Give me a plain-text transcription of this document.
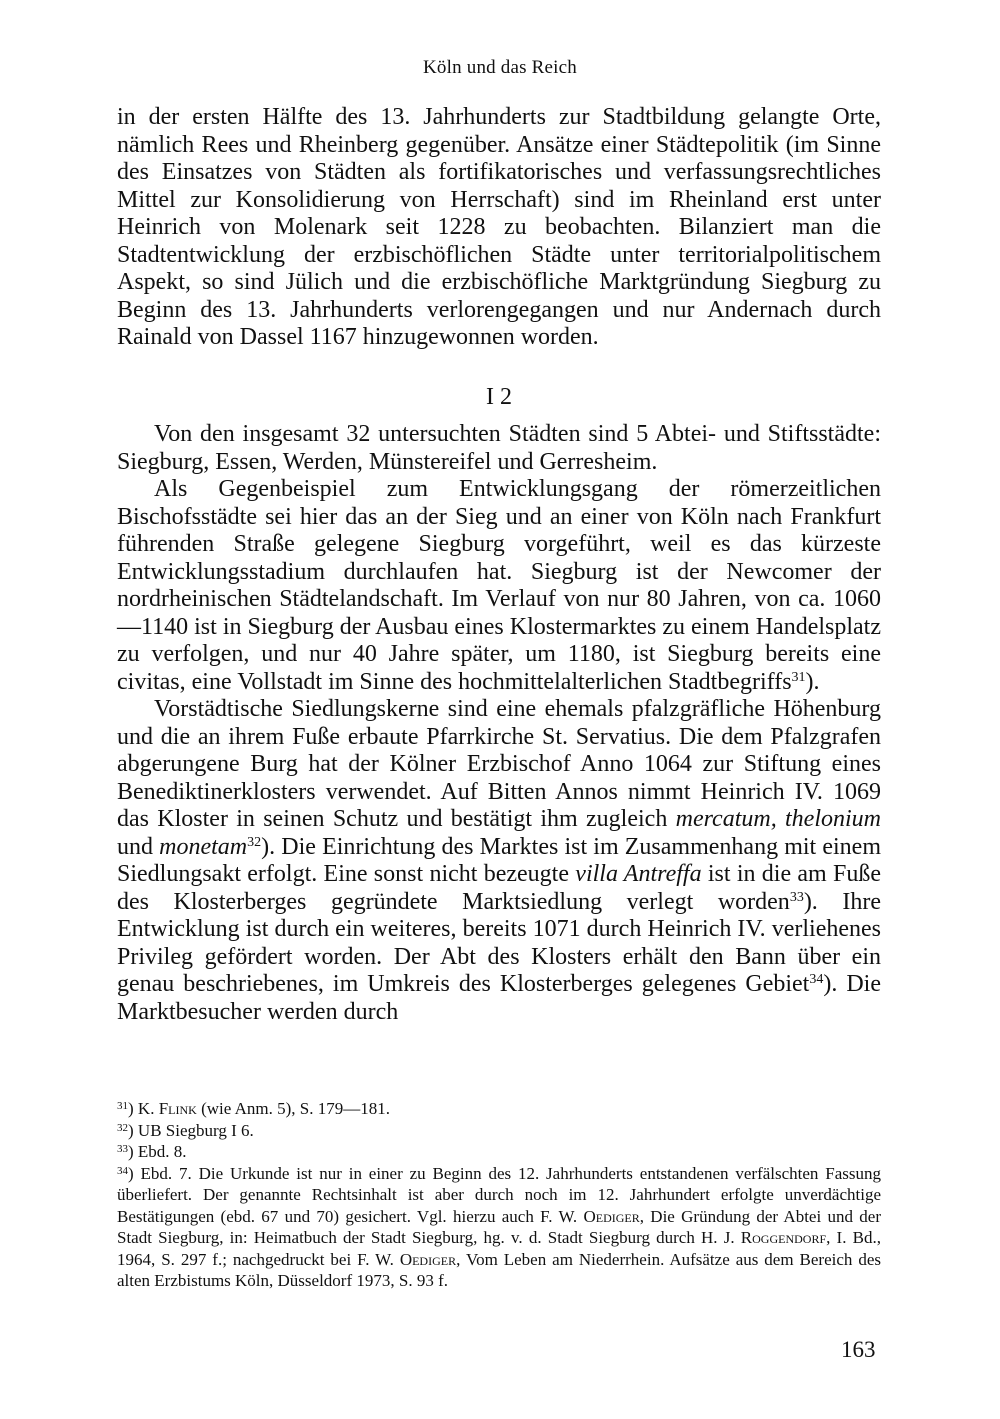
Köln und das Reich

in der ersten Hälfte des 13. Jahrhunderts zur Stadtbildung gelangte Orte, nämlich Rees und Rheinberg gegenüber. Ansätze einer Städtepolitik (im Sinne des Einsatzes von Städten als fortifikatorisches und verfassungsrechtliches Mittel zur Konsolidierung von Herrschaft) sind im Rheinland erst unter Heinrich von Molenark seit 1228 zu beobachten. Bilanziert man die Stadtentwicklung der erzbischöflichen Städte unter territorialpolitischem Aspekt, so sind Jülich und die erzbischöfliche Marktgründung Siegburg zu Beginn des 13. Jahrhunderts verlorengegangen und nur Andernach durch Rainald von Dassel 1167 hinzugewonnen worden.

I 2

Von den insgesamt 32 untersuchten Städten sind 5 Abtei- und Stiftsstädte: Siegburg, Essen, Werden, Münstereifel und Gerresheim.

Als Gegenbeispiel zum Entwicklungsgang der römerzeitlichen Bischofsstädte sei hier das an der Sieg und an einer von Köln nach Frankfurt führenden Straße gelegene Siegburg vorgeführt, weil es das kürzeste Entwicklungsstadium durchlaufen hat. Siegburg ist der Newcomer der nordrheinischen Städtelandschaft. Im Verlauf von nur 80 Jahren, von ca. 1060—1140 ist in Siegburg der Ausbau eines Klostermarktes zu einem Handelsplatz zu verfolgen, und nur 40 Jahre später, um 1180, ist Siegburg bereits eine civitas, eine Vollstadt im Sinne des hochmittelalterlichen Stadtbegriffs$^{31}$).

Vorstädtische Siedlungskerne sind eine ehemals pfalzgräfliche Höhenburg und die an ihrem Fuße erbaute Pfarrkirche St. Servatius. Die dem Pfalzgrafen abgerungene Burg hat der Kölner Erzbischof Anno 1064 zur Stiftung eines Benediktinerklosters verwendet. Auf Bitten Annos nimmt Heinrich IV. 1069 das Kloster in seinen Schutz und bestätigt ihm zugleich mercatum, thelonium und monetam$^{32}$). Die Einrichtung des Marktes ist im Zusammenhang mit einem Siedlungsakt erfolgt. Eine sonst nicht bezeugte villa Antreffa ist in die am Fuße des Klosterberges gegründete Marktsiedlung verlegt worden$^{33}$). Ihre Entwicklung ist durch ein weiteres, bereits 1071 durch Heinrich IV. verliehenes Privileg gefördert worden. Der Abt des Klosters erhält den Bann über ein genau beschriebenes, im Umkreis des Klosterberges gelegenes Gebiet$^{34}$). Die Marktbesucher werden durch

$^{31}$) K. Flink (wie Anm. 5), S. 179—181.

$^{32}$) UB Siegburg I 6.

$^{33}$) Ebd. 8.

$^{34}$) Ebd. 7. Die Urkunde ist nur in einer zu Beginn des 12. Jahrhunderts entstandenen verfälschten Fassung überliefert. Der genannte Rechtsinhalt ist aber durch noch im 12. Jahrhundert erfolgte unverdächtige Bestätigungen (ebd. 67 und 70) gesichert. Vgl. hierzu auch F. W. Oediger, Die Gründung der Abtei und der Stadt Siegburg, in: Heimatbuch der Stadt Siegburg, hg. v. d. Stadt Siegburg durch H. J. Roggendorf, I. Bd., 1964, S. 297 f.; nachgedruckt bei F. W. Oediger, Vom Leben am Niederrhein. Aufsätze aus dem Bereich des alten Erzbistums Köln, Düsseldorf 1973, S. 93 f.

163
